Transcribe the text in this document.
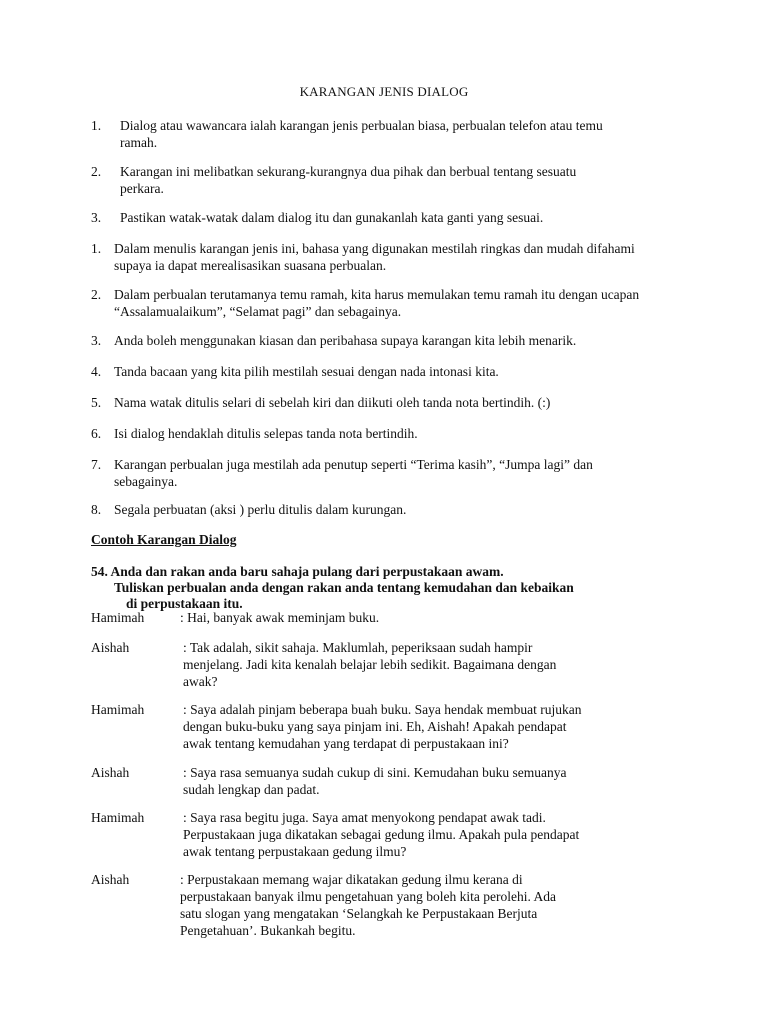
KARANGAN JENIS DIALOG
1. Dialog atau wawancara ialah karangan jenis perbualan biasa, perbualan telefon atau temu
ramah.
2. Karangan ini melibatkan sekurang-kurangnya dua pihak dan berbual tentang sesuatu
perkara.
3. Pastikan watak-watak dalam dialog itu dan gunakanlah kata ganti yang sesuai.
1. Dalam menulis karangan jenis ini, bahasa yang digunakan mestilah ringkas dan mudah difahami
supaya ia dapat merealisasikan suasana perbualan.
2. Dalam perbualan terutamanya temu ramah, kita harus memulakan temu ramah itu dengan ucapan
“Assalamualaikum”, “Selamat pagi” dan sebagainya.
3. Anda boleh menggunakan kiasan dan peribahasa supaya karangan kita lebih menarik.
4. Tanda bacaan yang kita pilih mestilah sesuai dengan nada intonasi kita.
5. Nama watak ditulis selari di sebelah kiri dan diikuti oleh tanda nota bertindih. (:)
6. Isi dialog hendaklah ditulis selepas tanda nota bertindih.
7. Karangan perbualan juga mestilah ada penutup seperti “Terima kasih”, “Jumpa lagi” dan
sebagainya.
8. Segala perbuatan (aksi ) perlu ditulis dalam kurungan.
Contoh Karangan Dialog
54. Anda dan rakan anda baru sahaja pulang dari perpustakaan awam.
Tuliskan perbualan anda dengan rakan anda tentang kemudahan dan kebaikan
di perpustakaan itu.
Hamimah	: Hai, banyak awak meminjam buku.
Aishah	: Tak adalah, sikit sahaja. Maklumlah, peperiksaan sudah hampir
menjelang. Jadi kita kenalah belajar lebih sedikit. Bagaimana dengan
awak?
Hamimah	: Saya adalah pinjam beberapa buah buku. Saya hendak membuat rujukan
dengan buku-buku yang saya pinjam ini. Eh, Aishah! Apakah pendapat
awak tentang kemudahan yang terdapat di perpustakaan ini?
Aishah	: Saya rasa semuanya sudah cukup di sini. Kemudahan buku semuanya
sudah lengkap dan padat.
Hamimah	: Saya rasa begitu juga. Saya amat menyokong pendapat awak tadi.
Perpustakaan juga dikatakan sebagai gedung ilmu. Apakah pula pendapat
awak tentang perpustakaan gedung ilmu?
Aishah	: Perpustakaan memang wajar dikatakan gedung ilmu kerana di
perpustakaan banyak ilmu pengetahuan yang boleh kita perolehi. Ada
satu slogan yang mengatakan ‘Selangkah ke Perpustakaan Berjuta
Pengetahuan’. Bukankah begitu.
